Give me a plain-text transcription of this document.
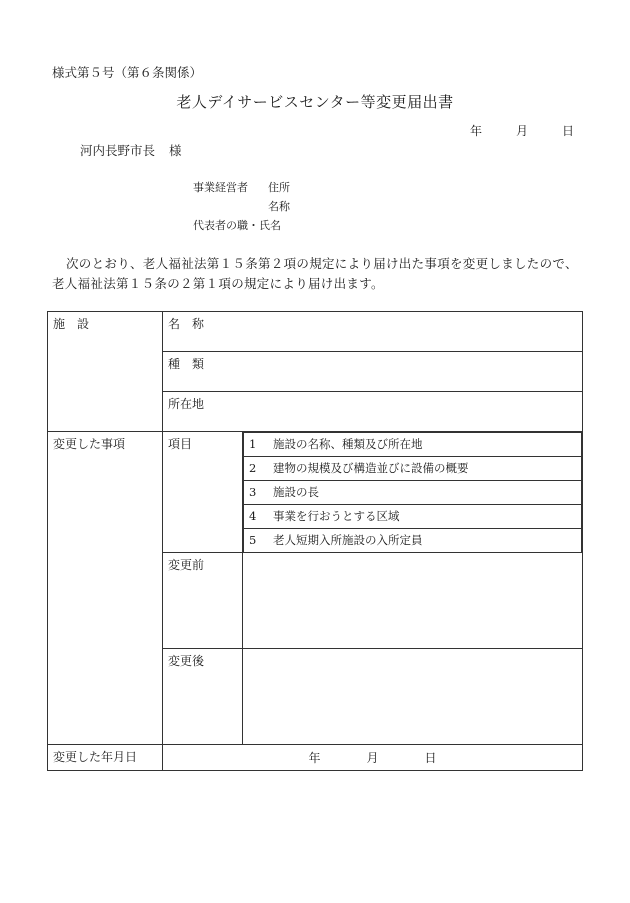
様式第５号（第６条関係）
老人デイサービスセンター等変更届出書
年	月	日
河内長野市長 様
事業経営者 住所
名称
代表者の職・氏名
次のとおり、老人福祉法第１５条第２項の規定により届け出た事項を変更しましたので、老人福祉法第１５条の２第１項の規定により届け出ます。
施　設	名　称
種　類
所在地
変更した事項	項目		1 施設の名称、種類及び所在地
2 建物の規模及び構造並びに設備の概要
3 施設の長
4 事業を行おうとする区域
5 老人短期入所施設の入所定員

変更前	
変更後	
変更した年月日	年	月	日
